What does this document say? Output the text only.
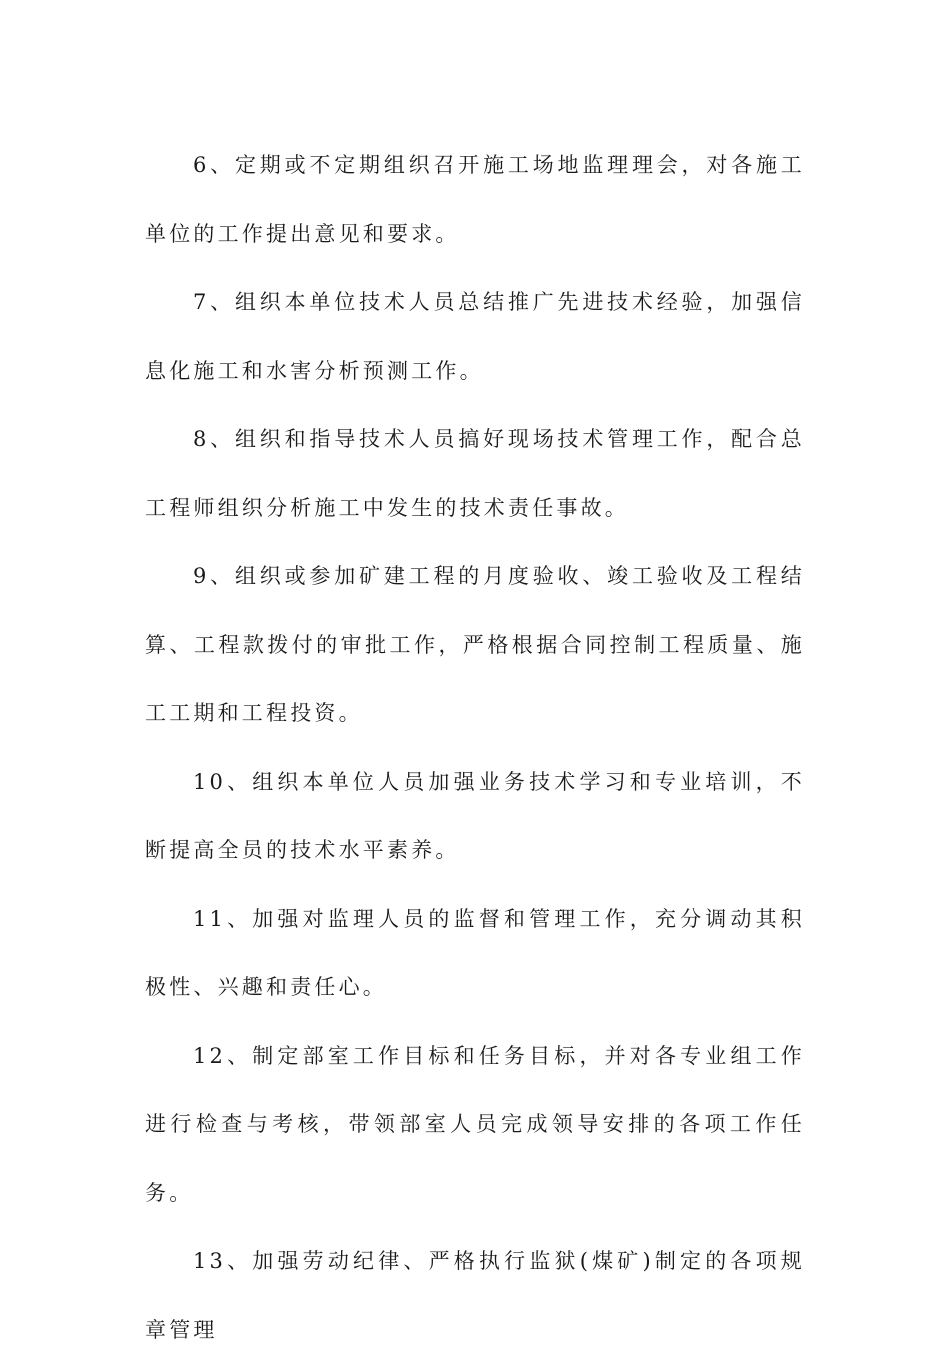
6、定期或不定期组织召开施工场地监理理会，对各施工单位的工作提出意见和要求。

7、组织本单位技术人员总结推广先进技术经验，加强信息化施工和水害分析预测工作。

8、组织和指导技术人员搞好现场技术管理工作，配合总工程师组织分析施工中发生的技术责任事故。

9、组织或参加矿建工程的月度验收、竣工验收及工程结算、工程款拨付的审批工作，严格根据合同控制工程质量、施工工期和工程投资。

10、组织本单位人员加强业务技术学习和专业培训，不断提高全员的技术水平素养。

11、加强对监理人员的监督和管理工作，充分调动其积极性、兴趣和责任心。

12、制定部室工作目标和任务目标，并对各专业组工作进行检查与考核，带领部室人员完成领导安排的各项工作任务。

13、加强劳动纪律、严格执行监狱(煤矿)制定的各项规章管理
